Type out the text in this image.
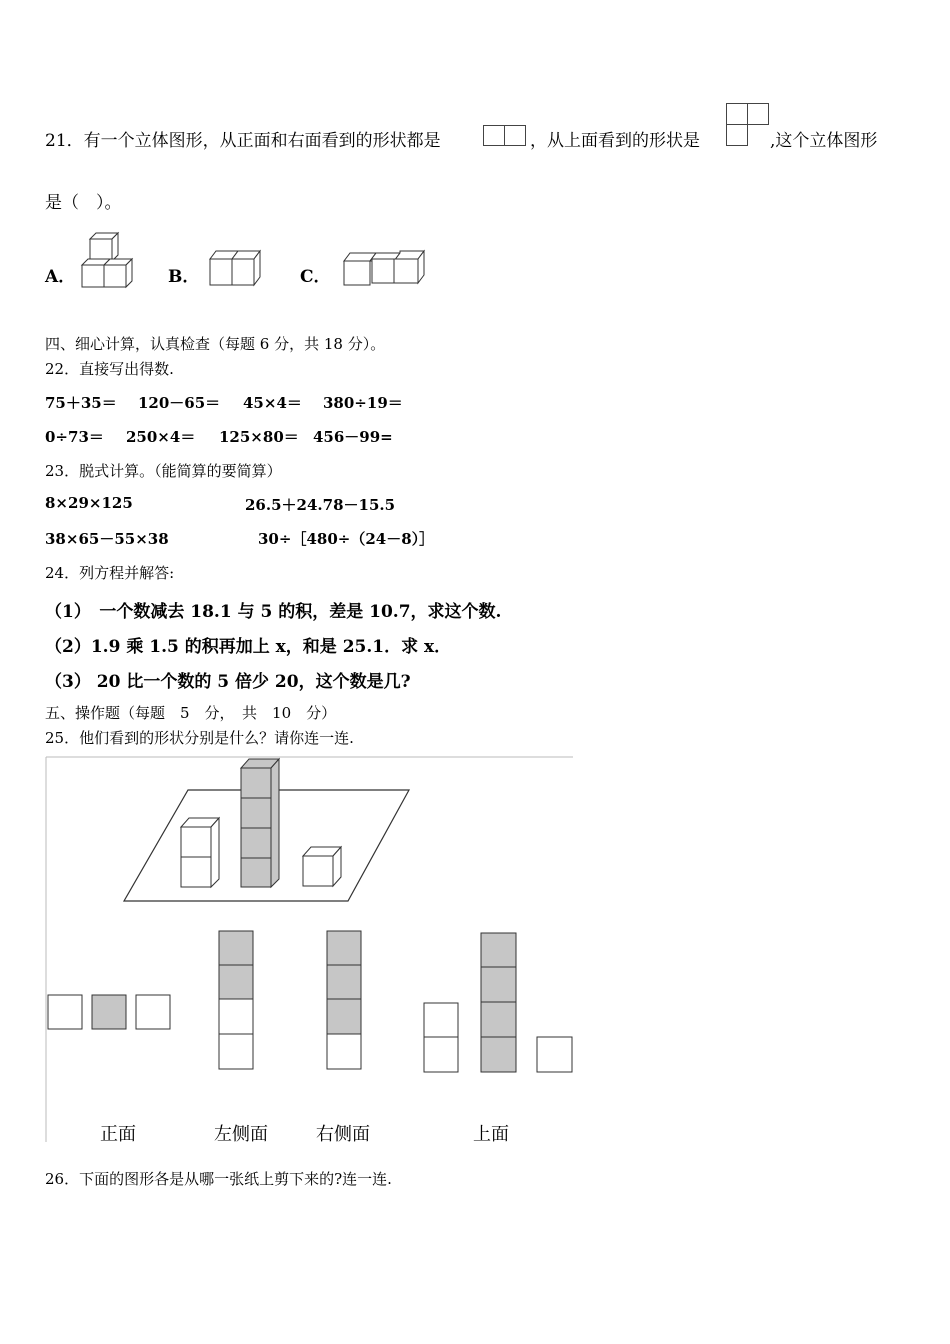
21．有一个立体图形，从正面和右面看到的形状都是	，从上面看到的形状是	,这个立体图形
是（　）。
A．	B．	C．
四、细心计算，认真检查（每题 6 分，共 18 分）。
22．直接写出得数.
75＋35＝ 120－65＝ 45×4＝ 380÷19＝
0÷73＝ 250×4＝ 125×80＝ 456－99=
23．脱式计算。（能简算的要简算）
8×29×125	26.5＋24.78－15.5
38×65－55×38	30÷［480÷（24－8）］
24．列方程并解答:
（1）　一个数减去 18.1 与 5 的积，差是 10.7，求这个数.
（2）1.9 乘 1.5 的积再加上 x，和是 25.1．求 x．
（3） 20 比一个数的 5 倍少 20，这个数是几?
五、操作题（每题　5　分，　共　10　分）
25．他们看到的形状分别是什么？请你连一连.
正面	左侧面	右侧面	上面
26．下面的图形各是从哪一张纸上剪下来的?连一连.
